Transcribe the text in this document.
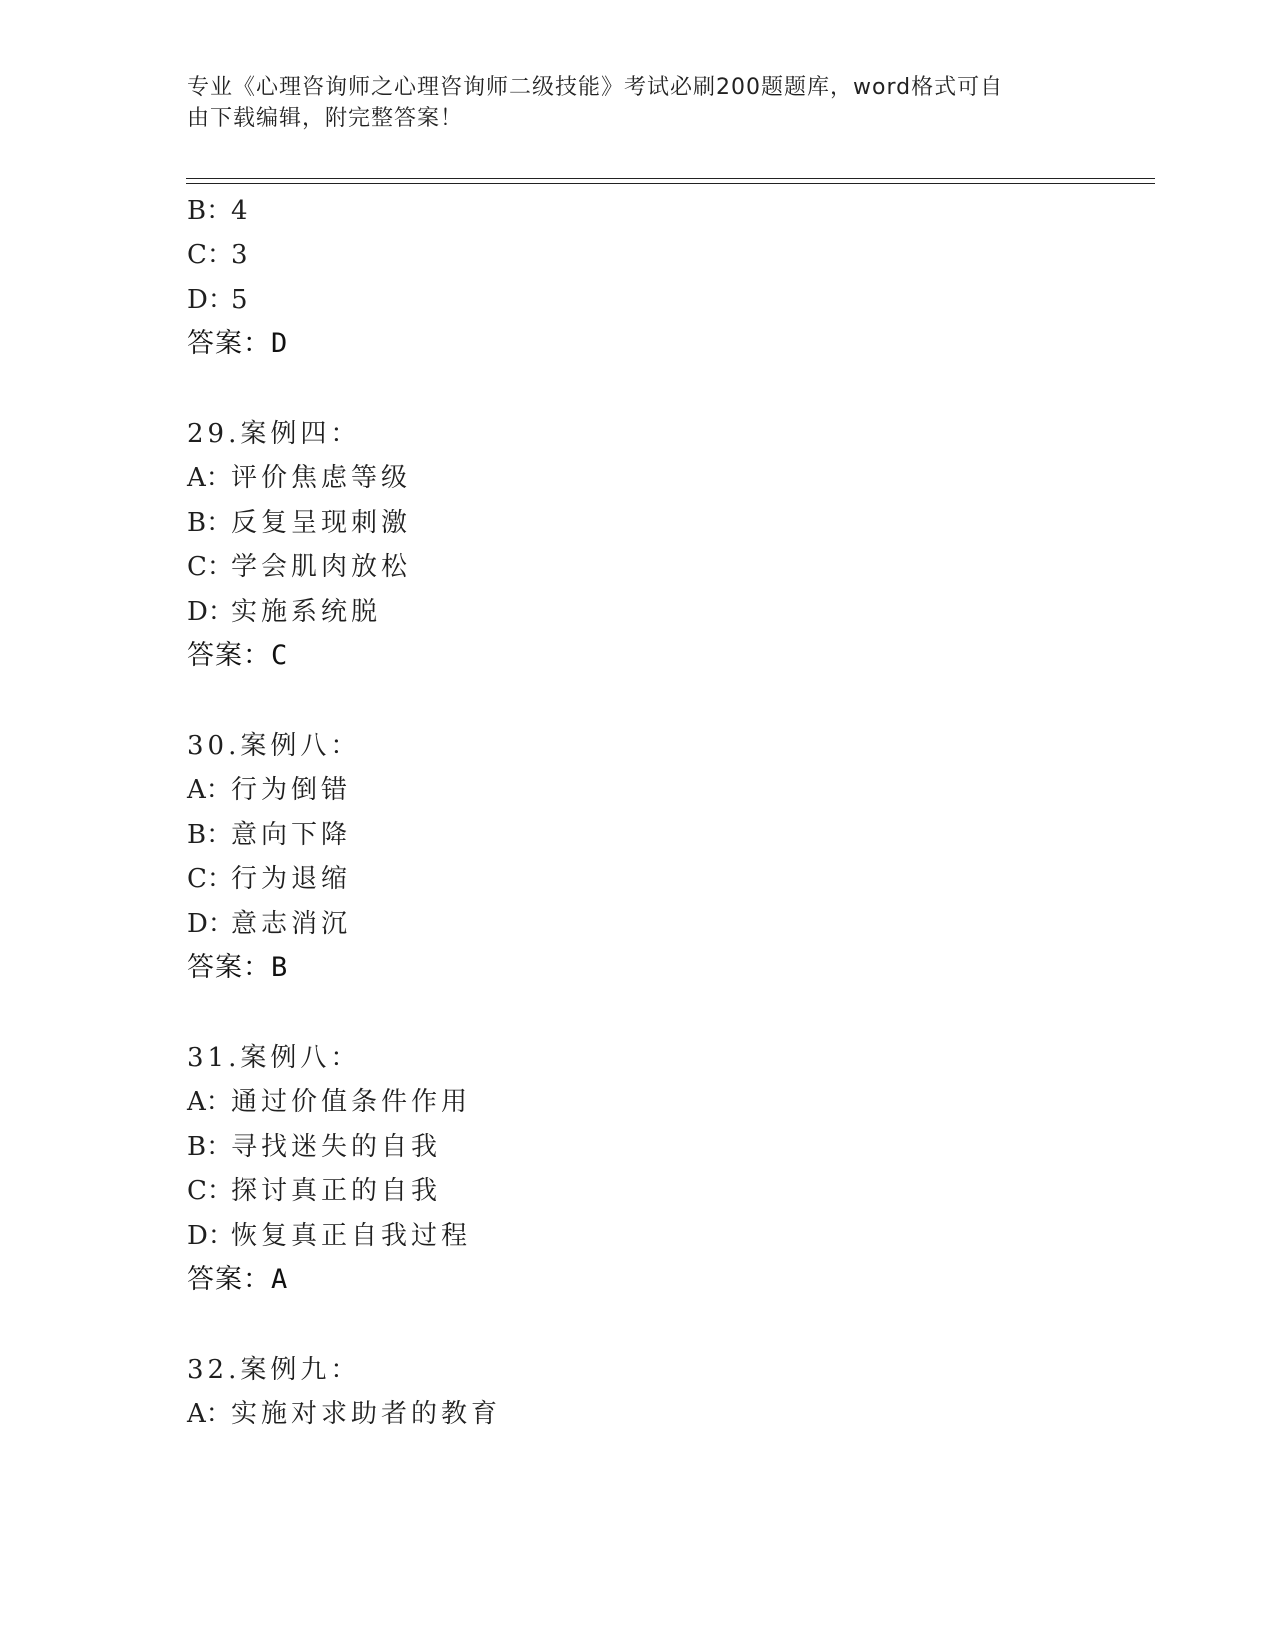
专业《心理咨询师之心理咨询师二级技能》考试必刷200题题库，word格式可自

由下载编辑，附完整答案！

B：4
C：3
D：5
答案：D
29.案例四：
A：评价焦虑等级
B：反复呈现刺激
C：学会肌肉放松
D：实施系统脱
答案：C
30.案例八：
A：行为倒错
B：意向下降
C：行为退缩
D：意志消沉
答案：B
31.案例八：
A：通过价值条件作用
B：寻找迷失的自我
C：探讨真正的自我
D：恢复真正自我过程
答案：A
32.案例九：
A：实施对求助者的教育
